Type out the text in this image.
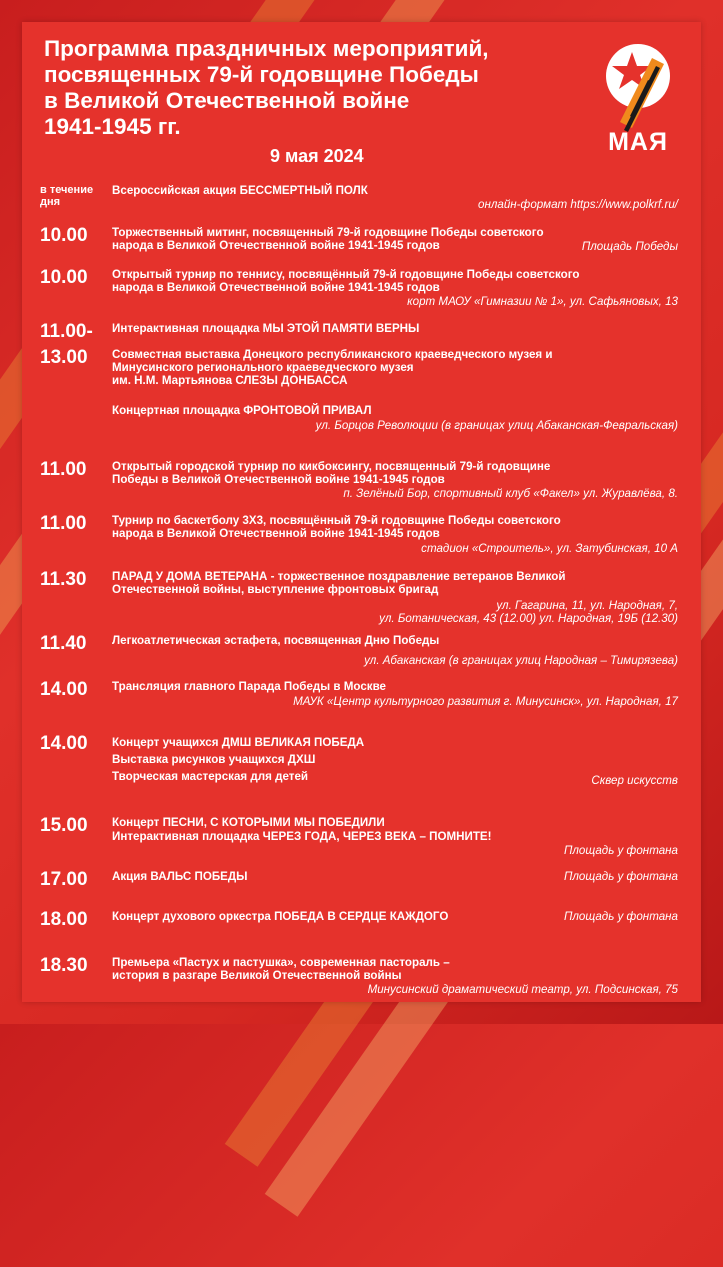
Программа праздничных мероприятий,
посвященных 79-й годовщине Победы
в Великой Отечественной войне
1941-1945 гг.
9 мая 2024	МАЯ
в течение дня

Всероссийская акция БЕССМЕРТНЫЙ ПОЛК

онлайн-формат https://www.polkrf.ru/
10.00 Торжественный митинг, посвященный 79-й годовщине Победы советского

народа в Великой Отечественной войне 1941-1945 годов	Площадь Победы
10.00 Открытый турнир по теннису, посвящённый 79-й годовщине Победы советского

народа в Великой Отечественной войне 1941-1945 годов

корт МАОУ «Гимназии № 1», ул. Сафьяновых, 13
11.00- Интерактивная площадка МЫ ЭТОЙ ПАМЯТИ ВЕРНЫ

13.00 Совместная выставка Донецкого республиканского краеведческого музея и

Минусинского регионального краеведческого музея

им. Н.М. Мартьянова СЛЕЗЫ ДОНБАССА

Концертная площадка ФРОНТОВОЙ ПРИВАЛ

ул. Борцов Революции (в границах улиц Абаканская-Февральская)
11.00 Открытый городской турнир по кикбоксингу, посвященный 79-й годовщине

Победы в Великой Отечественной войне 1941-1945 годов

п. Зелёный Бор, спортивный клуб «Факел» ул. Журавлёва, 8.
11.00 Турнир по баскетболу 3Х3, посвящённый 79-й годовщине Победы советского

народа в Великой Отечественной войне 1941-1945 годов

стадион «Строитель», ул. Затубинская, 10 А
11.30 ПАРАД У ДОМА ВЕТЕРАНА - торжественное поздравление ветеранов Великой

Отечественной войны, выступление фронтовых бригад

ул. Гагарина, 11, ул. Народная, 7,
ул. Ботаническая, 43 (12.00) ул. Народная, 19Б (12.30)
11.40 Легкоатлетическая эстафета, посвященная Дню Победы

ул. Абаканская (в границах улиц Народная – Тимирязева)
14.00 Трансляция главного Парада Победы в Москве

МАУК «Центр культурного развития г. Минусинск», ул. Народная, 17
14.00 Концерт учащихся ДМШ ВЕЛИКАЯ ПОБЕДА

Выставка рисунков учащихся ДХШ

Творческая мастерская для детей	Сквер искусств
15.00 Концерт ПЕСНИ, С КОТОРЫМИ МЫ ПОБЕДИЛИ

Интерактивная площадка ЧЕРЕЗ ГОДА, ЧЕРЕЗ ВЕКА – ПОМНИТЕ!

Площадь у фонтана
17.00 Акция ВАЛЬС ПОБЕДЫ	Площадь у фонтана
18.00 Концерт духового оркестра ПОБЕДА В СЕРДЦЕ КАЖДОГО	Площадь у фонтана
18.30 Премьера «Пастух и пастушка», современная пастораль –

история в разгаре Великой Отечественной войны

Минусинский драматический театр, ул. Подсинская, 75
